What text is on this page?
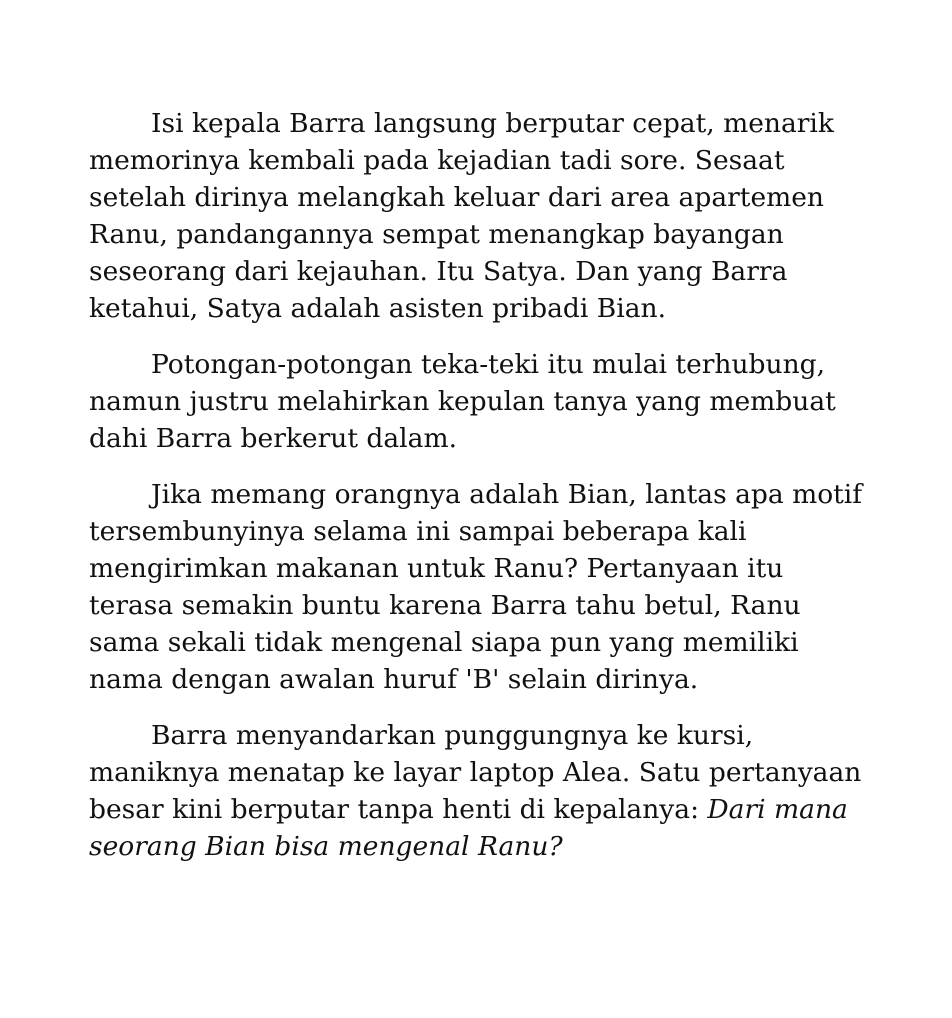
Isi kepala Barra langsung berputar cepat, menarik
memorinya kembali pada kejadian tadi sore. Sesaat
setelah dirinya melangkah keluar dari area apartemen
Ranu, pandangannya sempat menangkap bayangan
seseorang dari kejauhan. Itu Satya. Dan yang Barra
ketahui, Satya adalah asisten pribadi Bian.

Potongan-potongan teka-teki itu mulai terhubung,
namun justru melahirkan kepulan tanya yang membuat
dahi Barra berkerut dalam.

Jika memang orangnya adalah Bian, lantas apa motif
tersembunyinya selama ini sampai beberapa kali
mengirimkan makanan untuk Ranu? Pertanyaan itu
terasa semakin buntu karena Barra tahu betul, Ranu
sama sekali tidak mengenal siapa pun yang memiliki
nama dengan awalan huruf 'B' selain dirinya.

Barra menyandarkan punggungnya ke kursi,
maniknya menatap ke layar laptop Alea. Satu pertanyaan
besar kini berputar tanpa henti di kepalanya: Dari mana
seorang Bian bisa mengenal Ranu?
